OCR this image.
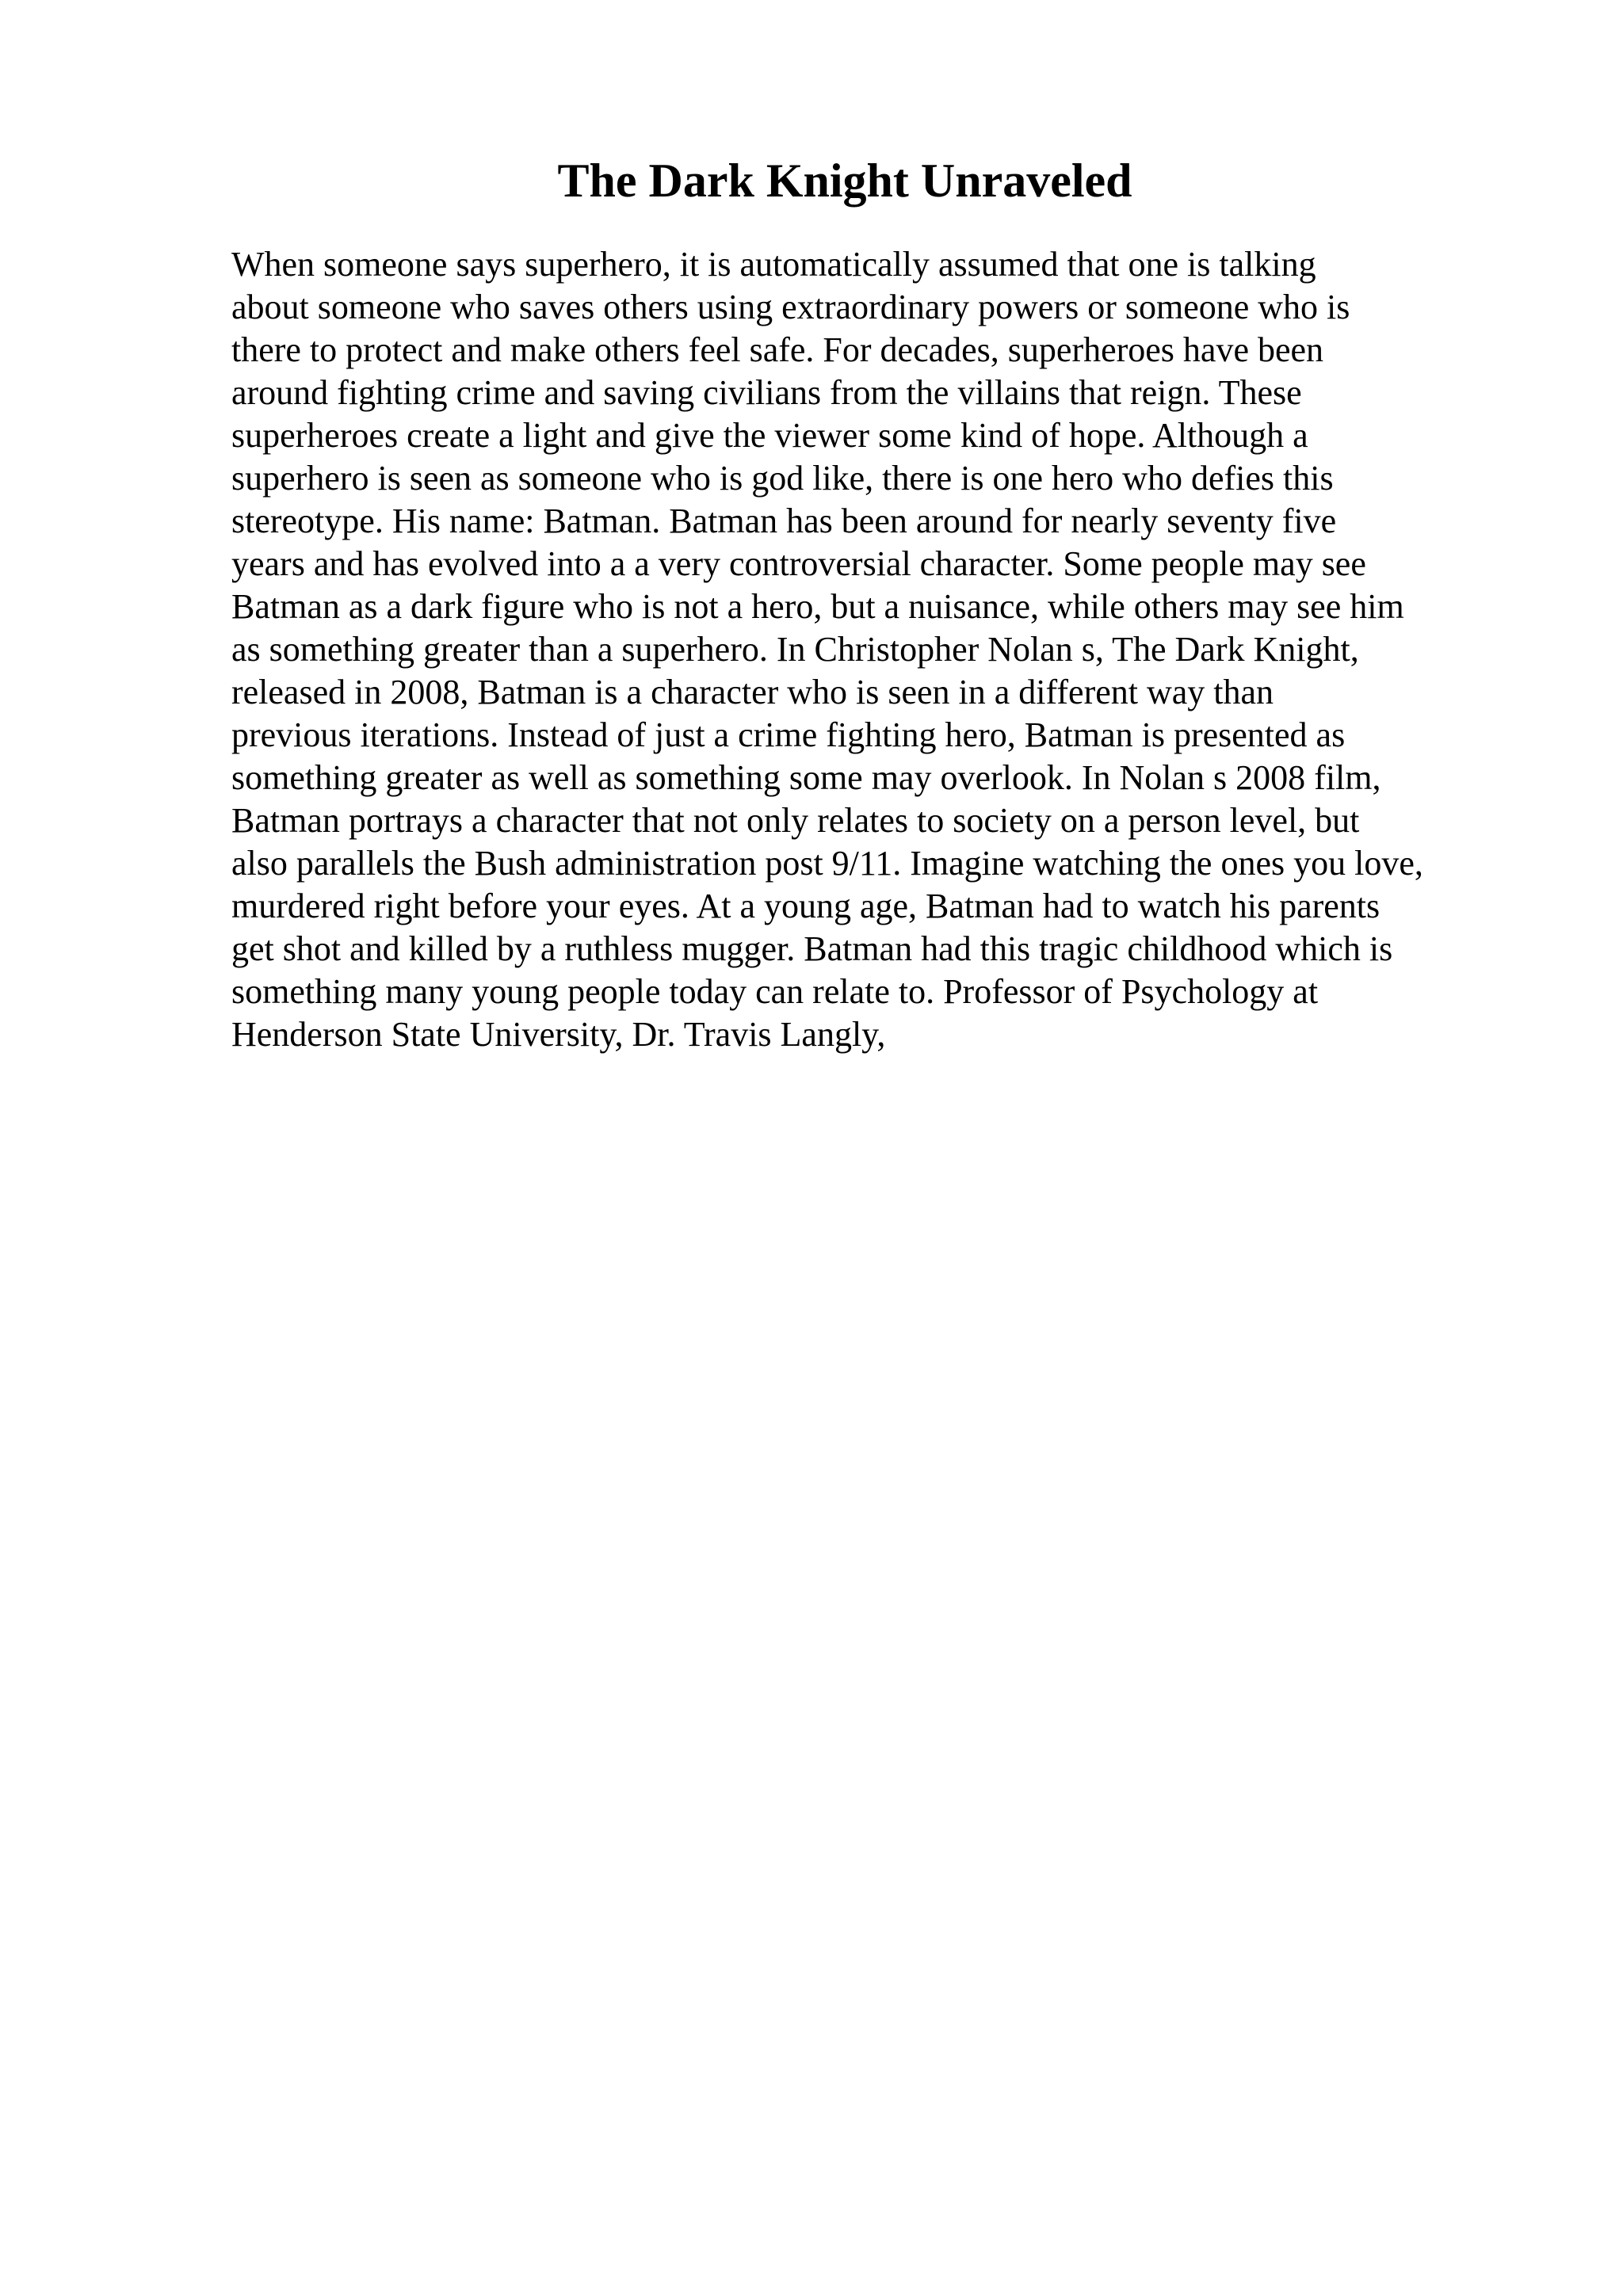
The Dark Knight Unraveled
When someone says superhero, it is automatically assumed that one is talking
about someone who saves others using extraordinary powers or someone who is
there to protect and make others feel safe. For decades, superheroes have been
around fighting crime and saving civilians from the villains that reign. These
superheroes create a light and give the viewer some kind of hope. Although a
superhero is seen as someone who is god like, there is one hero who defies this
stereotype. His name: Batman. Batman has been around for nearly seventy five
years and has evolved into a a very controversial character. Some people may see
Batman as a dark figure who is not a hero, but a nuisance, while others may see him
as something greater than a superhero. In Christopher Nolan s, The Dark Knight,
released in 2008, Batman is a character who is seen in a different way than
previous iterations. Instead of just a crime fighting hero, Batman is presented as
something greater as well as something some may overlook. In Nolan s 2008 film,
Batman portrays a character that not only relates to society on a person level, but
also parallels the Bush administration post 9/11. Imagine watching the ones you love,
murdered right before your eyes. At a young age, Batman had to watch his parents
get shot and killed by a ruthless mugger. Batman had this tragic childhood which is
something many young people today can relate to. Professor of Psychology at
Henderson State University, Dr. Travis Langly,
